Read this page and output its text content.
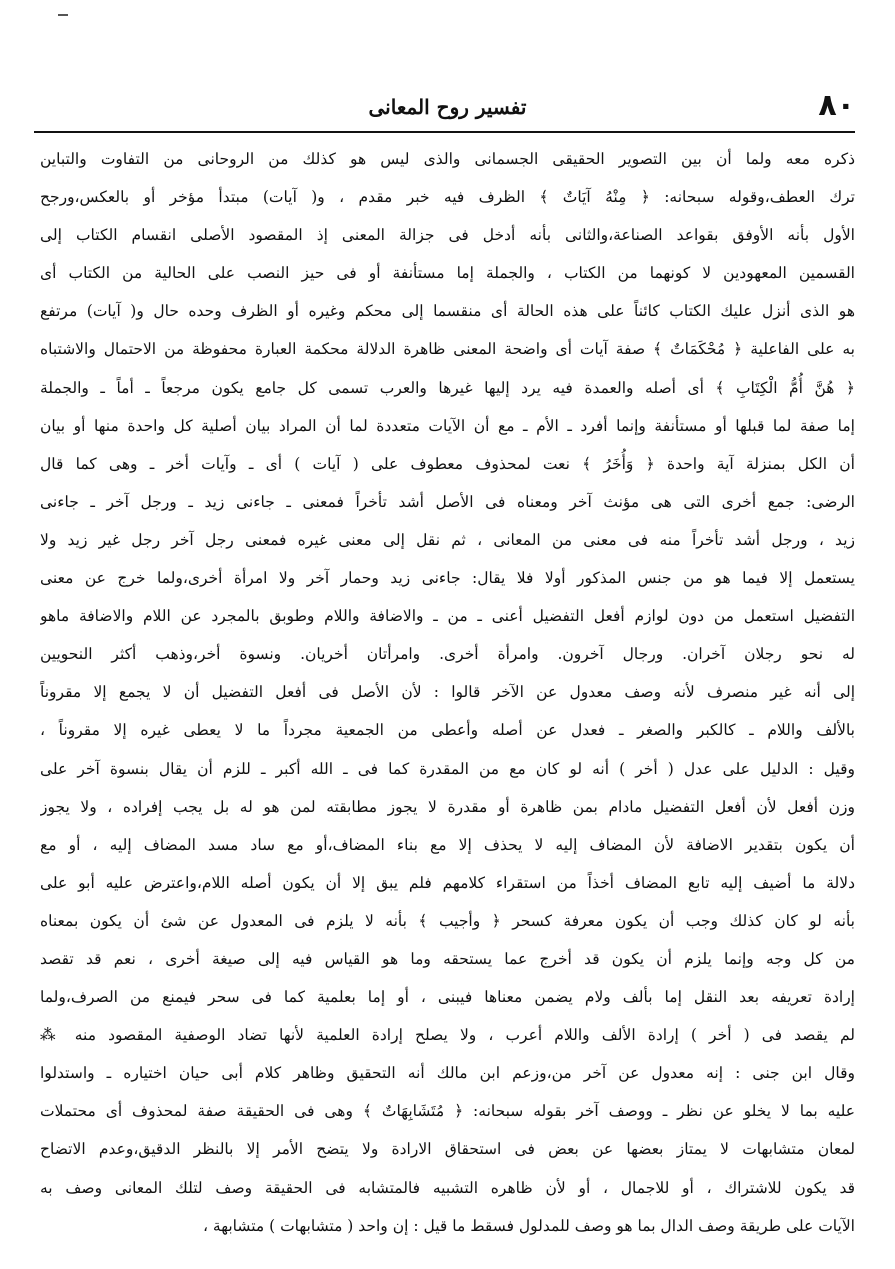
٨٠
تفسير روح المعانى
ذكره معه ولما أن بين التصوير الحقيقى الجسمانى والذى ليس هو كذلك من الروحانى من التفاوت والتباين
ترك العطف،وقوله سبحانه: ﴿ مِنْهُ آيَاتٌ ﴾ الظرف فيه خبر مقدم ، و( آيات) مبتدأ مؤخر أو بالعكس،ورجح
الأول بأنه الأوفق بقواعد الصناعة،والثانى بأنه أدخل فى جزالة المعنى إذ المقصود الأصلى انقسام الكتاب إلى
القسمين المعهودين لا كونهما من الكتاب ، والجملة إما مستأنفة أو فى حيز النصب على الحالية من الكتاب أى
هو الذى أنزل عليك الكتاب كائناً على هذه الحالة أى منقسما إلى محكم وغيره أو الظرف وحده حال و( آيات) مرتفع
به على الفاعلية ﴿ مُحْكَمَاتٌ ﴾ صفة آيات أى واضحة المعنى ظاهرة الدلالة محكمة العبارة محفوظة من الاحتمال والاشتباه
﴿ هُنَّ أُمُّ الْكِتَابِ ﴾ أى أصله والعمدة فيه يرد إليها غيرها والعرب تسمى كل جامع يكون مرجعاً ـ أماً ـ والجملة
إما صفة لما قبلها أو مستأنفة وإنما أفرد ـ الأم ـ مع أن الآيات متعددة لما أن المراد بيان أصلية كل واحدة منها أو بيان
أن الكل بمنزلة آية واحدة ﴿ وَأُخَرُ ﴾ نعت لمحذوف معطوف على ( آيات ) أى ـ وآيات أخر ـ وهى كما قال
الرضى: جمع أخرى التى هى مؤنث آخر ومعناه فى الأصل أشد تأخراً فمعنى ـ جاءنى زيد ـ ورجل آخر ـ جاءنى
زيد ، ورجل أشد تأخراً منه فى معنى من المعانى ، ثم نقل إلى معنى غيره فمعنى رجل آخر رجل غير زيد ولا
يستعمل إلا فيما هو من جنس المذكور أولا فلا يقال: جاءنى زيد وحمار آخر ولا امرأة أخرى،ولما خرج عن معنى
التفضيل استعمل من دون لوازم أفعل التفضيل أعنى ـ من ـ والاضافة واللام وطوبق بالمجرد عن اللام والاضافة ماهو
له نحو رجلان آخران. ورجال آخرون. وامرأة أخرى. وامرأتان أخريان. ونسوة أخر،وذهب أكثر النحويين
إلى أنه غير منصرف لأنه وصف معدول عن الآخر قالوا : لأن الأصل فى أفعل التفضيل أن لا يجمع إلا مقروناً
بالألف واللام ـ كالكبر والصغر ـ فعدل عن أصله وأعطى من الجمعية مجرداً ما لا يعطى غيره إلا مقروناً ،
وقيل : الدليل على عدل ( أخر ) أنه لو كان مع من المقدرة كما فى ـ الله أكبر ـ للزم أن يقال بنسوة آخر على
وزن أفعل لأن أفعل التفضيل مادام بمن ظاهرة أو مقدرة لا يجوز مطابقته لمن هو له بل يجب إفراده ، ولا يجوز
أن يكون بتقدير الاضافة لأن المضاف إليه لا يحذف إلا مع بناء المضاف،أو مع ساد مسد المضاف إليه ، أو مع
دلالة ما أضيف إليه تابع المضاف أخذاً من استقراء كلامهم فلم يبق إلا أن يكون أصله اللام،واعترض عليه أبو على
بأنه لو كان كذلك وجب أن يكون معرفة كسحر ﴿ وأجيب ﴾ بأنه لا يلزم فى المعدول عن شئ أن يكون بمعناه
من كل وجه وإنما يلزم أن يكون قد أخرج عما يستحقه وما هو القياس فيه إلى صيغة أخرى ، نعم قد تقصد
إرادة تعريفه بعد النقل إما بألف ولام يضمن معناها فيبنى ، أو إما بعلمية كما فى سحر فيمنع من الصرف،ولما
لم يقصد فى ( أخر ) إرادة الألف واللام أعرب ، ولا يصلح إرادة العلمية لأنها تضاد الوصفية المقصود منه ⁂
وقال ابن جنى : إنه معدول عن آخر من،وزعم ابن مالك أنه التحقيق وظاهر كلام أبى حيان اختياره ـ واستدلوا
عليه بما لا يخلو عن نظر ـ ووصف آخر بقوله سبحانه: ﴿ مُتَشَابِهَاتٌ ﴾ وهى فى الحقيقة صفة لمحذوف أى محتملات
لمعان متشابهات لا يمتاز بعضها عن بعض فى استحقاق الارادة ولا يتضح الأمر إلا بالنظر الدقيق،وعدم الاتضاح
قد يكون للاشتراك ، أو للاجمال ، أو لأن ظاهره التشبيه فالمتشابه فى الحقيقة وصف لتلك المعانى وصف به
الآيات على طريقة وصف الدال بما هو وصف للمدلول فسقط ما قيل : إن واحد ( متشابهات ) متشابهة ،
